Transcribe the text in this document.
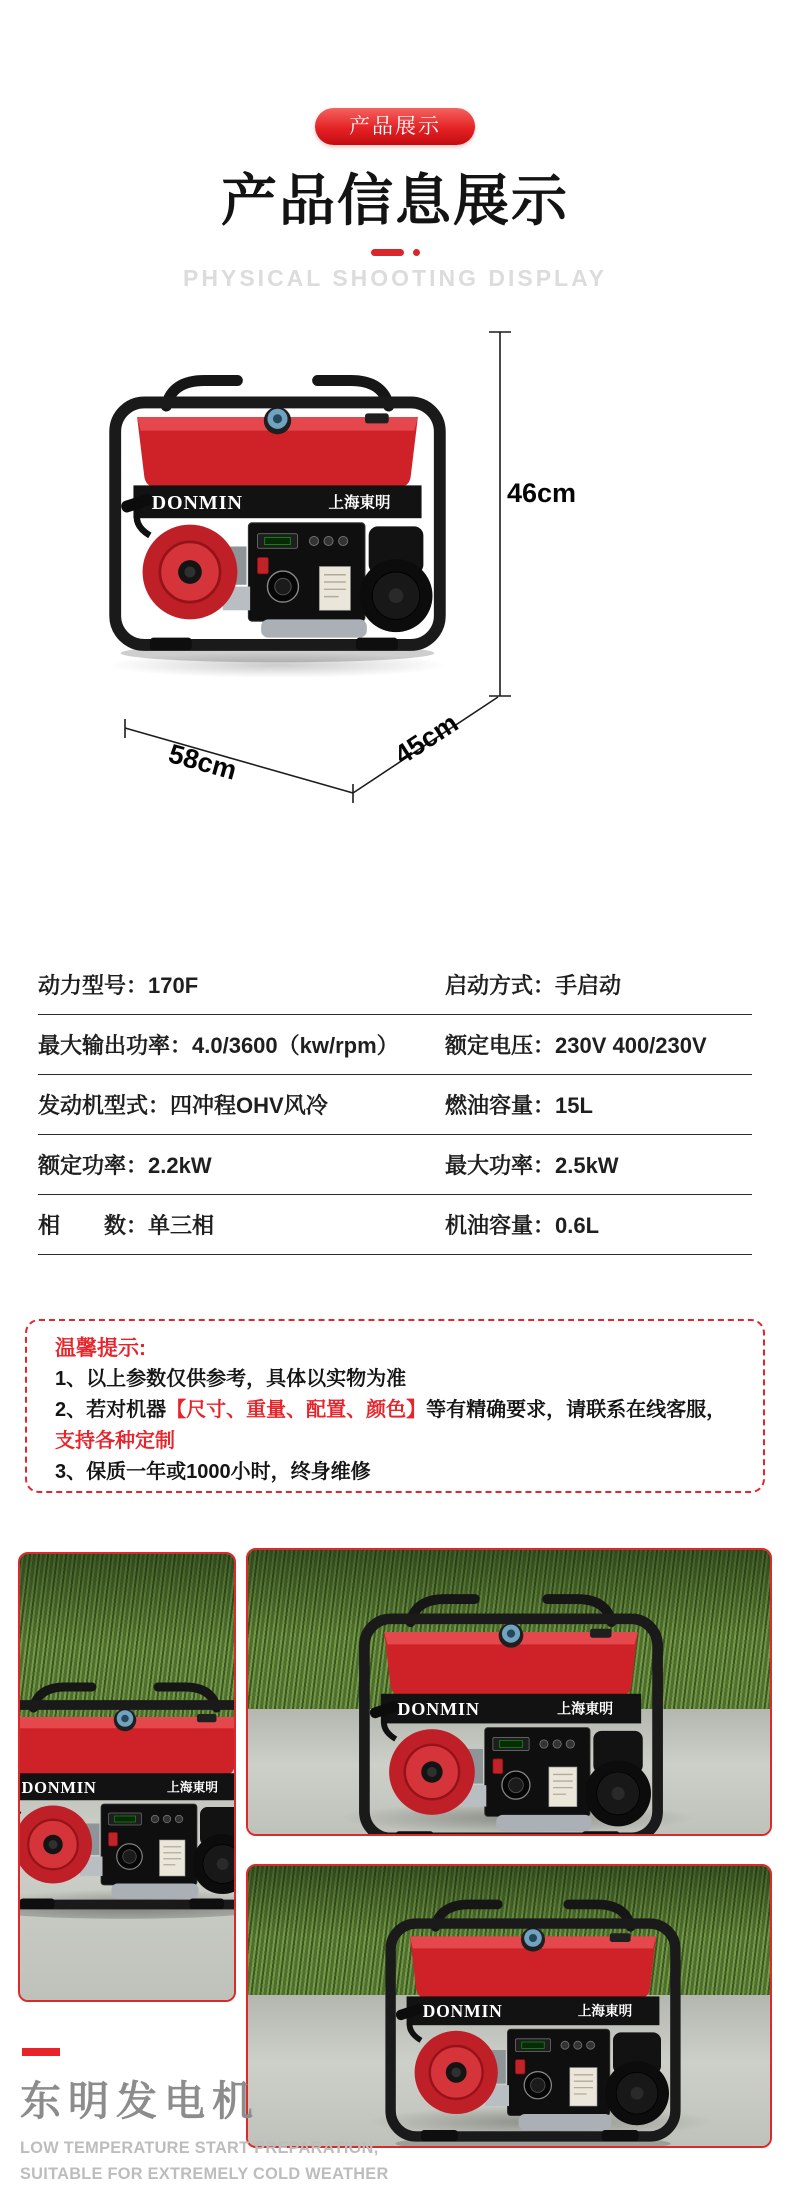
产品展示
产品信息展示
PHYSICAL SHOOTING DISPLAY
46cm
58cm	45cm
动力型号：170F	启动方式：手启动
最大输出功率：4.0/3600（kw/rpm）	额定电压：230V 400/230V
发动机型式：四冲程OHV风冷	燃油容量：15L
额定功率：2.2kW	最大功率：2.5kW
相　　数：单三相	机油容量：0.6L
温馨提示:
1、以上参数仅供参考，具体以实物为准
2、若对机器【尺寸、重量、配置、颜色】等有精确要求，请联系在线客服，支持各种定制
3、保质一年或1000小时，终身维修
东明发电机
LOW TEMPERATURE START PREPARATION,
SUITABLE FOR EXTREMELY COLD WEATHER
